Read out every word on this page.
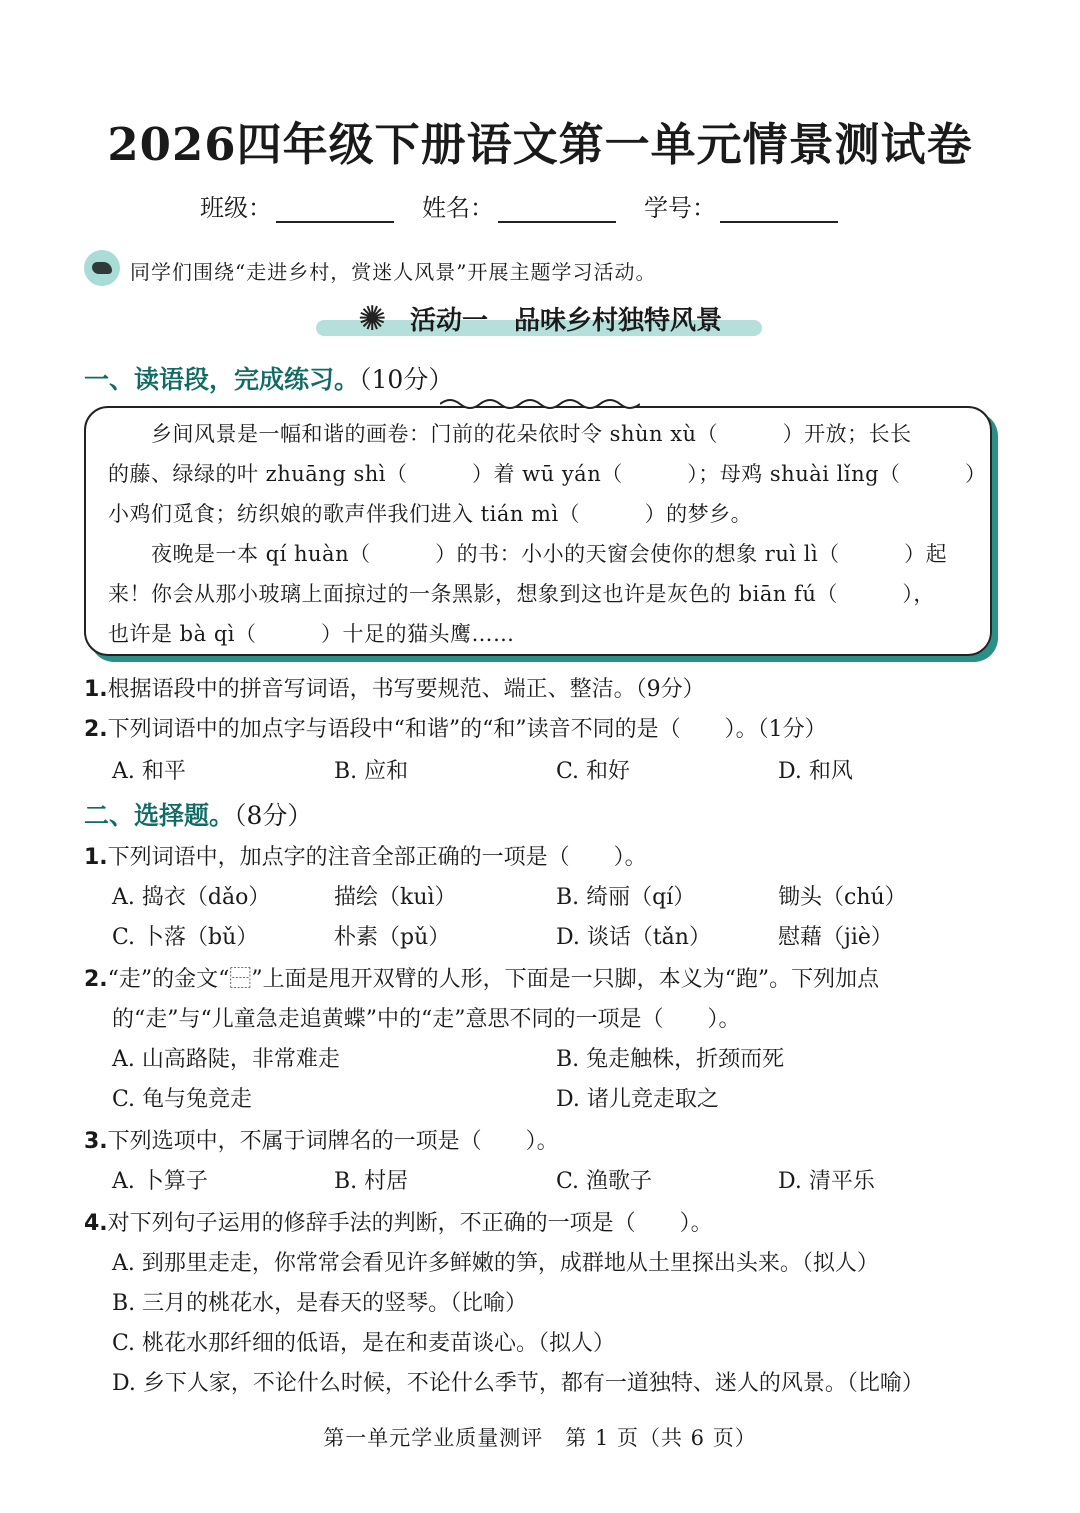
2026四年级下册语文第一单元情景测试卷
班级：	姓名：	学号：
同学们围绕“走进乡村，赏迷人风景”开展主题学习活动。
✺ 活动一　品味乡村独特风景
一、读语段，完成练习。（10分）
　　乡间风景是一幅和谐的画卷：门前的花朵依时令 shùn xù（　　　）开放；长长
的藤、绿绿的叶 zhuāng shì（　　　）着 wū yán（　　　）；母鸡 shuài lǐng（　　　）
小鸡们觅食；纺织娘的歌声伴我们进入 tián mì（　　　）的梦乡。
　　夜晚是一本 qí huàn（　　　）的书：小小的天窗会使你的想象 ruì lì（　　　）起
来！你会从那小玻璃上面掠过的一条黑影，想象到这也许是灰色的 biān fú（　　　），
也许是 bà qì（　　　）十足的猫头鹰……
1.根据语段中的拼音写词语，书写要规范、端正、整洁。（9分）
2.下列词语中的加点字与语段中“和谐”的“和”读音不同的是（　　）。（1分）
A. 和平	B. 应和	C. 和好	D. 和风
二、选择题。（8分）
1.下列词语中，加点字的注音全部正确的一项是（　　）。
A. 捣衣（dǎo）	描绘（kuì）	B. 绮丽（qí）	锄头（chú）
C. 卜落（bǔ）	朴素（pǔ）	D. 谈话（tǎn）	慰藉（jiè）
2.“走”的金文“⿱”上面是甩开双臂的人形，下面是一只脚，本义为“跑”。下列加点
的“走”与“儿童急走追黄蝶”中的“走”意思不同的一项是（　　）。
A. 山高路陡，非常难走	B. 兔走触株，折颈而死
C. 龟与兔竞走	D. 诸儿竞走取之
3.下列选项中，不属于词牌名的一项是（　　）。
A. 卜算子	B. 村居	C. 渔歌子	D. 清平乐
4.对下列句子运用的修辞手法的判断，不正确的一项是（　　）。
A. 到那里走走，你常常会看见许多鲜嫩的笋，成群地从土里探出头来。（拟人）
B. 三月的桃花水，是春天的竖琴。（比喻）
C. 桃花水那纤细的低语，是在和麦苗谈心。（拟人）
D. 乡下人家，不论什么时候，不论什么季节，都有一道独特、迷人的风景。（比喻）
第一单元学业质量测评　第 1 页（共 6 页）
